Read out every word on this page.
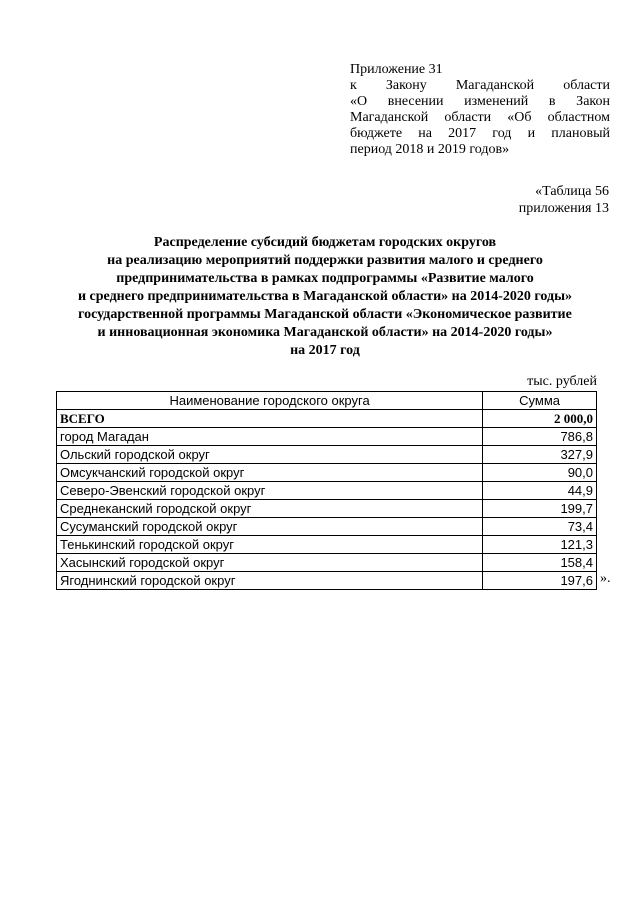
Приложение 31
к Закону Магаданской области
«О внесении изменений в Закон
Магаданской области «Об областном
бюджете на 2017 год и плановый
период 2018 и 2019 годов»
«Таблица 56
приложения 13
Распределение субсидий бюджетам городских округов
на реализацию мероприятий поддержки развития малого и среднего
предпринимательства в рамках подпрограммы «Развитие малого
и среднего предпринимательства в Магаданской области» на 2014-2020 годы»
государственной программы Магаданской области «Экономическое развитие
и инновационная экономика Магаданской области» на 2014-2020 годы»
на 2017 год
тыс. рублей
Наименование городского округа	Сумма
ВСЕГО	2 000,0
город Магадан	786,8
Ольский городской округ	327,9
Омсукчанский городской округ	90,0
Северо-Эвенский городской округ	44,9
Среднеканский городской округ	199,7
Сусуманский городской округ	73,4
Тенькинский городской округ	121,3
Хасынский городской округ	158,4
Ягоднинский городской округ	197,6 ».
